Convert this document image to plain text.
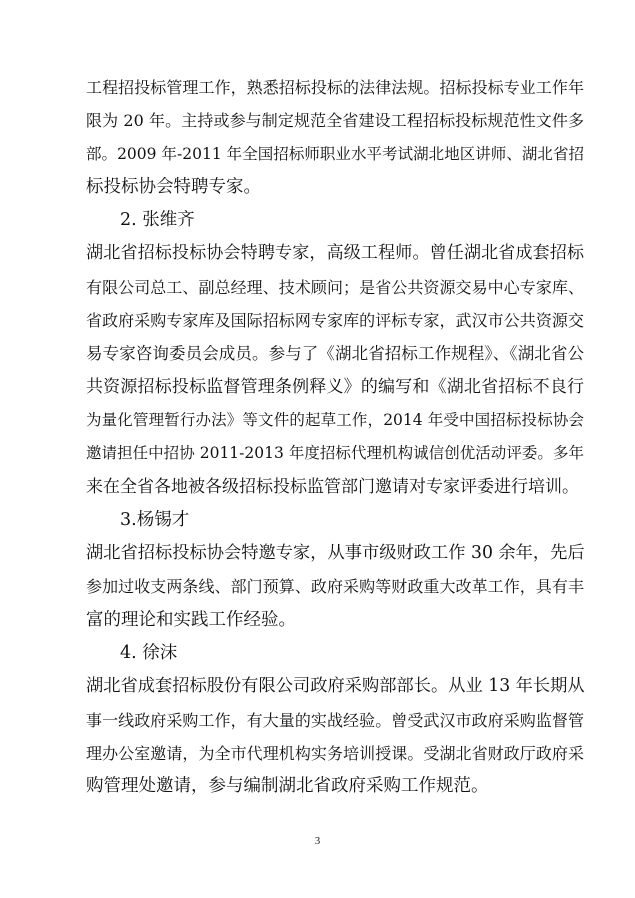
工程招投标管理工作，熟悉招标投标的法律法规。招标投标专业工作年
限为 20 年。主持或参与制定规范全省建设工程招标投标规范性文件多
部。2009 年-2011 年全国招标师职业水平考试湖北地区讲师、湖北省招
标投标协会特聘专家。
2. 张维齐
湖北省招标投标协会特聘专家，高级工程师。曾任湖北省成套招标
有限公司总工、副总经理、技术顾问；是省公共资源交易中心专家库、
省政府采购专家库及国际招标网专家库的评标专家，武汉市公共资源交
易专家咨询委员会成员。参与了《湖北省招标工作规程》、《湖北省公
共资源招标投标监督管理条例释义》的编写和《湖北省招标不良行
为量化管理暂行办法》等文件的起草工作，2014 年受中国招标投标协会
邀请担任中招协 2011-2013 年度招标代理机构诚信创优活动评委。多年
来在全省各地被各级招标投标监管部门邀请对专家评委进行培训。
3.杨锡才
湖北省招标投标协会特邀专家，从事市级财政工作 30 余年，先后
参加过收支两条线、部门预算、政府采购等财政重大改革工作，具有丰
富的理论和实践工作经验。
4. 徐沫
湖北省成套招标股份有限公司政府采购部部长。从业 13 年长期从
事一线政府采购工作，有大量的实战经验。曾受武汉市政府采购监督管
理办公室邀请，为全市代理机构实务培训授课。受湖北省财政厅政府采
购管理处邀请，参与编制湖北省政府采购工作规范。
3
